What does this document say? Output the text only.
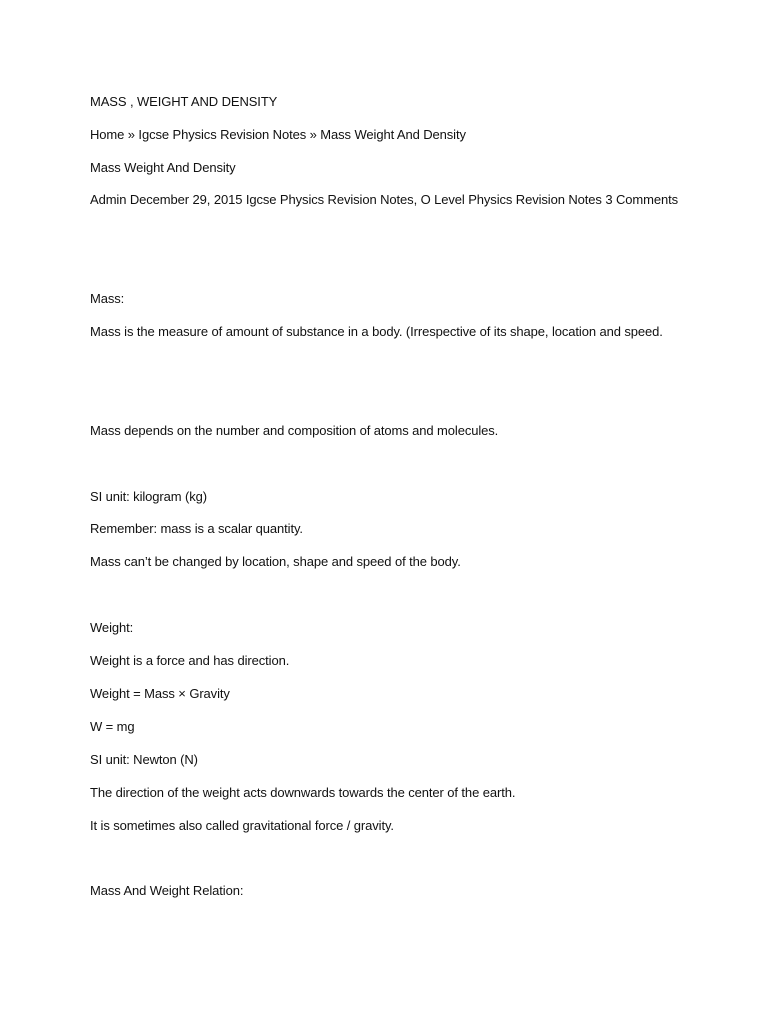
MASS , WEIGHT AND DENSITY
Home » Igcse Physics Revision Notes » Mass Weight And Density
Mass Weight And Density
Admin December 29, 2015 Igcse Physics Revision Notes, O Level Physics Revision Notes 3 Comments
Mass:
Mass is the measure of amount of substance in a body. (Irrespective of its shape, location and speed.
Mass depends on the number and composition of atoms and molecules.
SI unit: kilogram (kg)
Remember: mass is a scalar quantity.
Mass can’t be changed by location, shape and speed of the body.
Weight:
Weight is a force and has direction.
Weight = Mass × Gravity
W = mg
SI unit: Newton (N)
The direction of the weight acts downwards towards the center of the earth.
It is sometimes also called gravitational force / gravity.
Mass And Weight Relation:
